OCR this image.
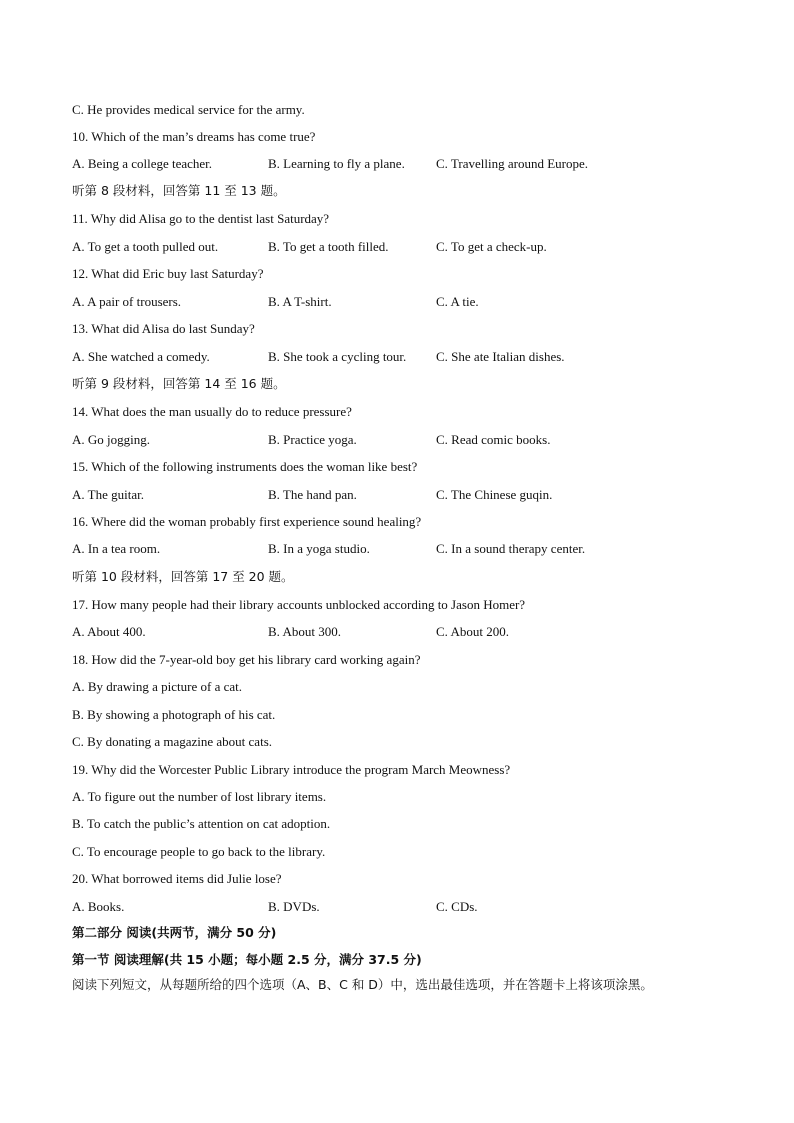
C. He provides medical service for the army.
10. Which of the man’s dreams has come true?
A. Being a college teacher.	B. Learning to fly a plane. C. Travelling around Europe.
听第 8 段材料，回答第 11 至 13 题。
11. Why did Alisa go to the dentist last Saturday?
A. To get a tooth pulled out.	B. To get a tooth filled.	C. To get a check-up.
12. What did Eric buy last Saturday?
A. A pair of trousers.	B. A T-shirt.	C. A tie.
13. What did Alisa do last Sunday?
A. She watched a comedy.	B. She took a cycling tour. C. She ate Italian dishes.
听第 9 段材料，回答第 14 至 16 题。
14. What does the man usually do to reduce pressure?
A. Go jogging.	B. Practice yoga.	C. Read comic books.
15. Which of the following instruments does the woman like best?
A. The guitar.	B. The hand pan.	C. The Chinese guqin.
16. Where did the woman probably first experience sound healing?
A. In a tea room.	B. In a yoga studio.	C. In a sound therapy center.
听第 10 段材料，回答第 17 至 20 题。
17. How many people had their library accounts unblocked according to Jason Homer?
A. About 400.	B. About 300.	C. About 200.
18. How did the 7-year-old boy get his library card working again?
A. By drawing a picture of a cat.
B. By showing a photograph of his cat.
C. By donating a magazine about cats.
19. Why did the Worcester Public Library introduce the program March Meowness?
A. To figure out the number of lost library items.
B. To catch the public’s attention on cat adoption.
C. To encourage people to go back to the library.
20. What borrowed items did Julie lose?
A. Books.	B. DVDs.	C. CDs.
第二部分 阅读(共两节，满分 50 分)
第一节 阅读理解(共 15 小题；每小题 2.5 分，满分 37.5 分)
阅读下列短文，从每题所给的四个选项（A、B、C 和 D）中，选出最佳选项，并在答题卡上将该项涂黑。
